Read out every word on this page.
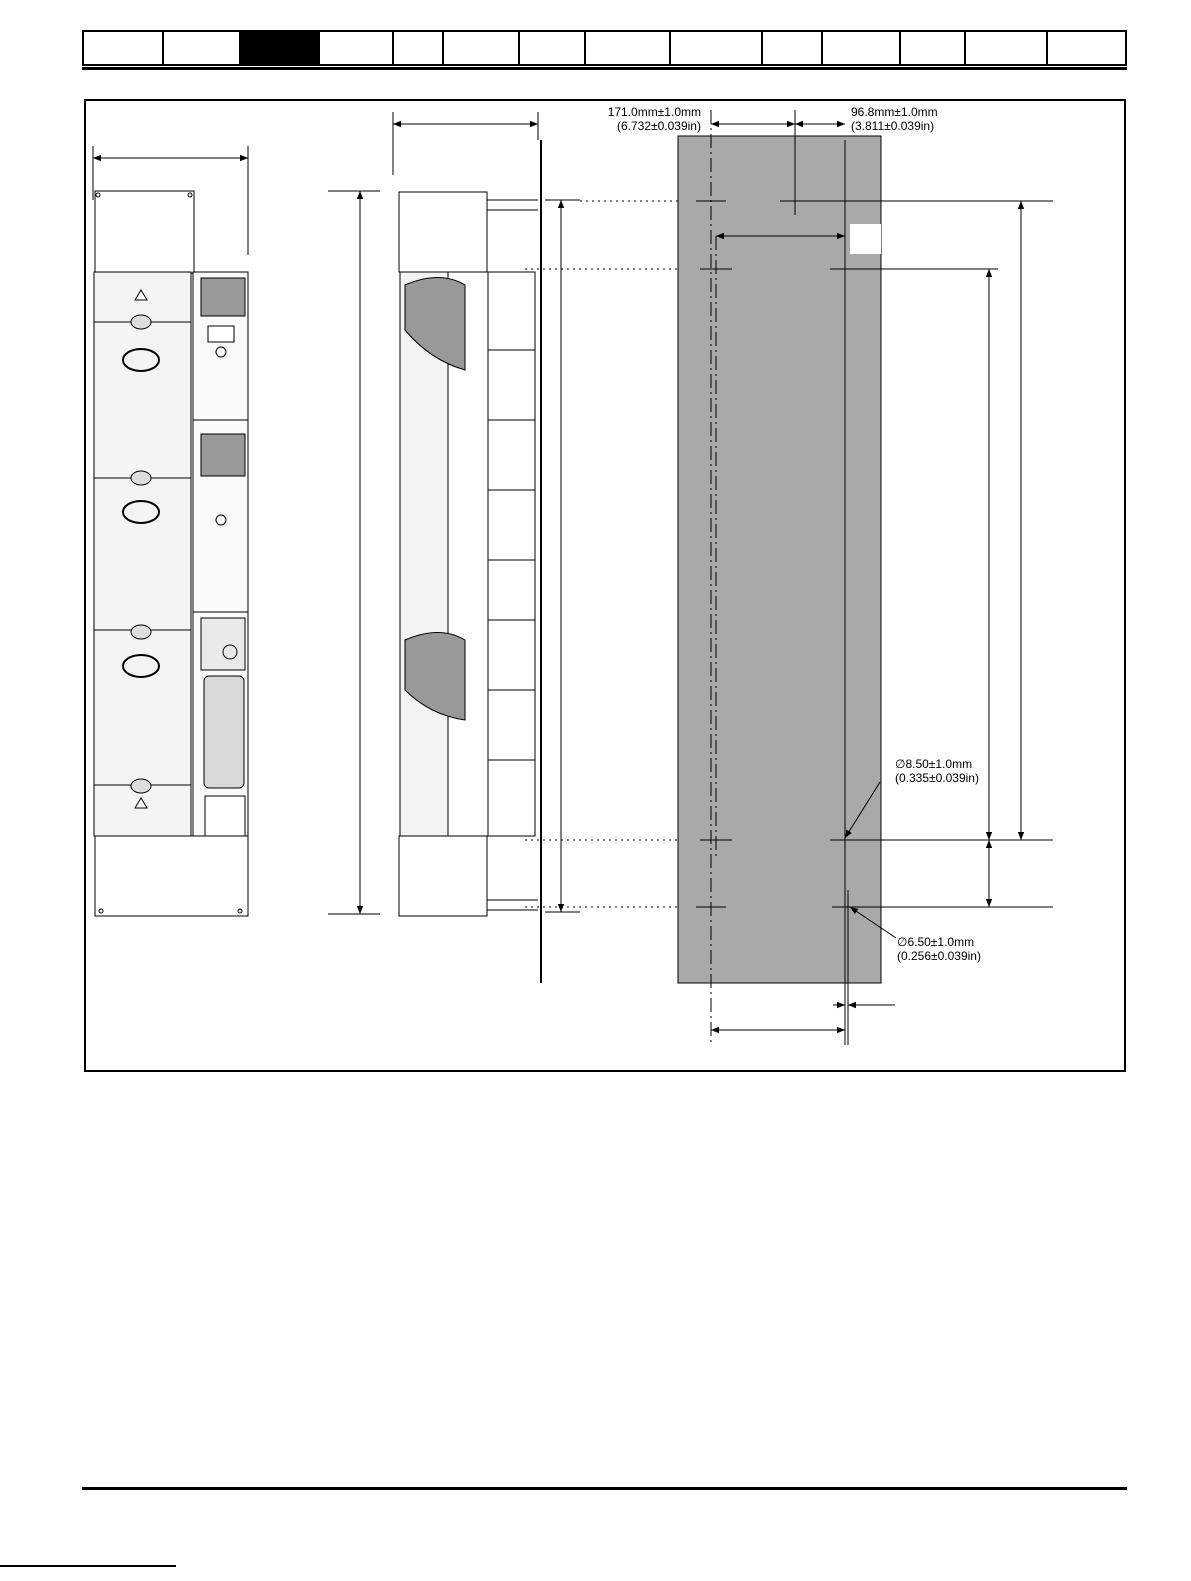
171.0mm±1.0mm
(6.732±0.039in)
96.8mm±1.0mm
(3.811±0.039in)
∅8.50±1.0mm
(0.335±0.039in)
∅6.50±1.0mm
(0.256±0.039in)
